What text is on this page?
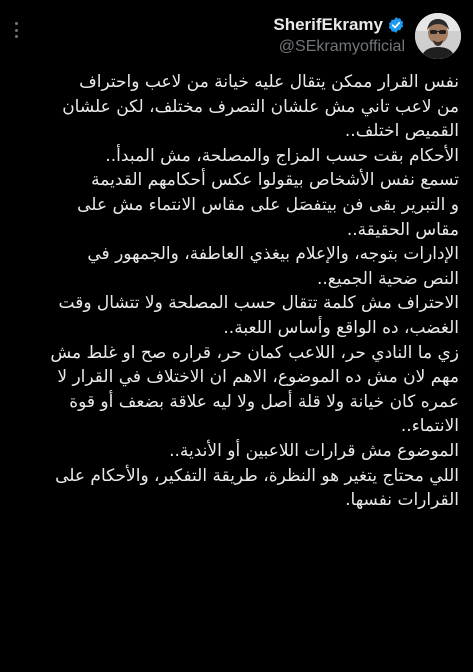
SherifEkramy
@SEkramyofficial
نفس القرار ممكن يتقال عليه خيانة من لاعب واحتراف
من لاعب تاني مش علشان التصرف مختلف، لكن علشان
القميص اختلف..
الأحكام بقت حسب المزاج والمصلحة، مش المبدأ..
تسمع نفس الأشخاص بيقولوا عكس أحكامهم القديمة
و التبرير بقى فن بيتفصَل على مقاس الانتماء مش على
مقاس الحقيقة..
الإدارات بتوجه، والإعلام بيغذي العاطفة، والجمهور في
النص ضحية الجميع..
الاحتراف مش كلمة تتقال حسب المصلحة ولا تتشال وقت
الغضب، ده الواقع وأساس اللعبة..
زي ما النادي حر، اللاعب كمان حر، قراره صح او غلط مش
مهم لان مش ده الموضوع، الاهم ان الاختلاف في القرار لا
عمره كان خيانة ولا قلة أصل ولا ليه علاقة بضعف أو قوة
الانتماء..
الموضوع مش قرارات اللاعبين أو الأندية..
اللي محتاج يتغير هو النظرة، طريقة التفكير، والأحكام على
القرارات نفسها.
